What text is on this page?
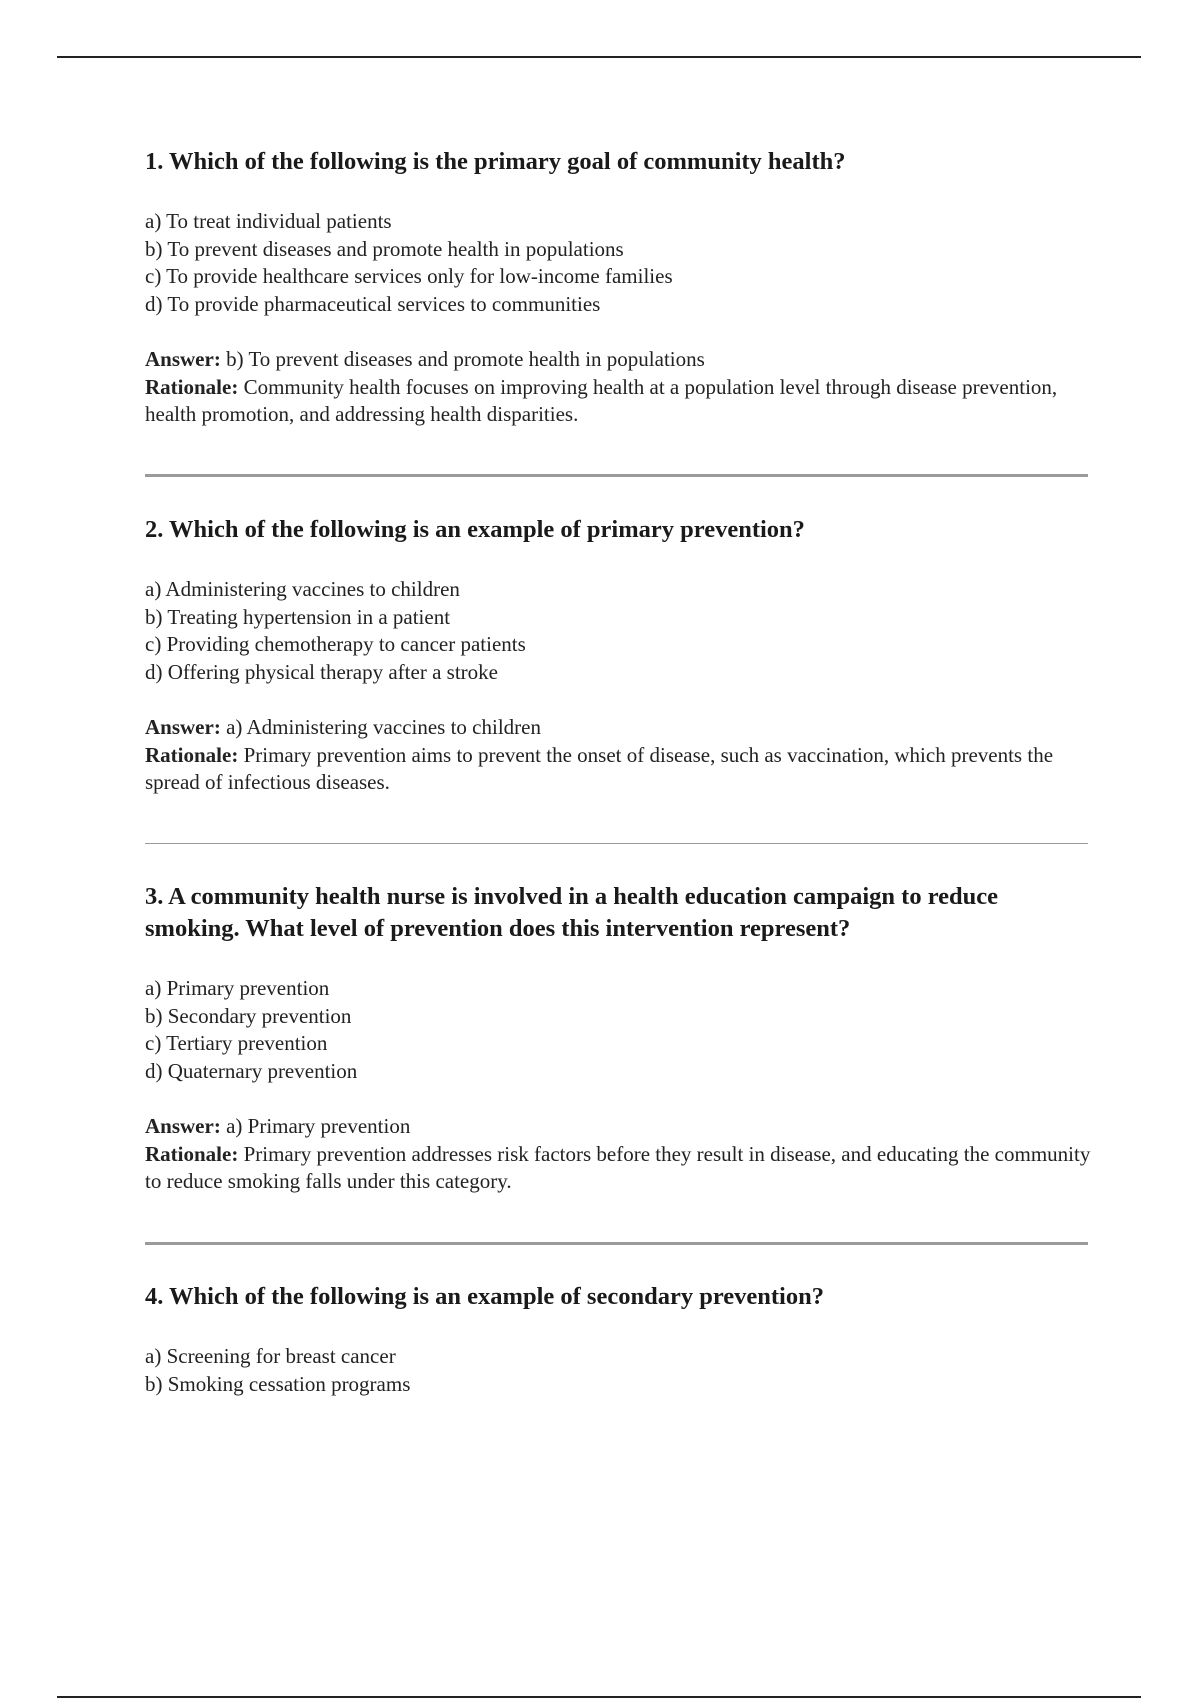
1. Which of the following is the primary goal of community health?
a) To treat individual patients
b) To prevent diseases and promote health in populations
c) To provide healthcare services only for low-income families
d) To provide pharmaceutical services to communities
Answer: b) To prevent diseases and promote health in populations
Rationale: Community health focuses on improving health at a population level through disease prevention, health promotion, and addressing health disparities.
2. Which of the following is an example of primary prevention?
a) Administering vaccines to children
b) Treating hypertension in a patient
c) Providing chemotherapy to cancer patients
d) Offering physical therapy after a stroke
Answer: a) Administering vaccines to children
Rationale: Primary prevention aims to prevent the onset of disease, such as vaccination, which prevents the spread of infectious diseases.
3. A community health nurse is involved in a health education campaign to reduce smoking. What level of prevention does this intervention represent?
a) Primary prevention
b) Secondary prevention
c) Tertiary prevention
d) Quaternary prevention
Answer: a) Primary prevention
Rationale: Primary prevention addresses risk factors before they result in disease, and educating the community to reduce smoking falls under this category.
4. Which of the following is an example of secondary prevention?
a) Screening for breast cancer
b) Smoking cessation programs
